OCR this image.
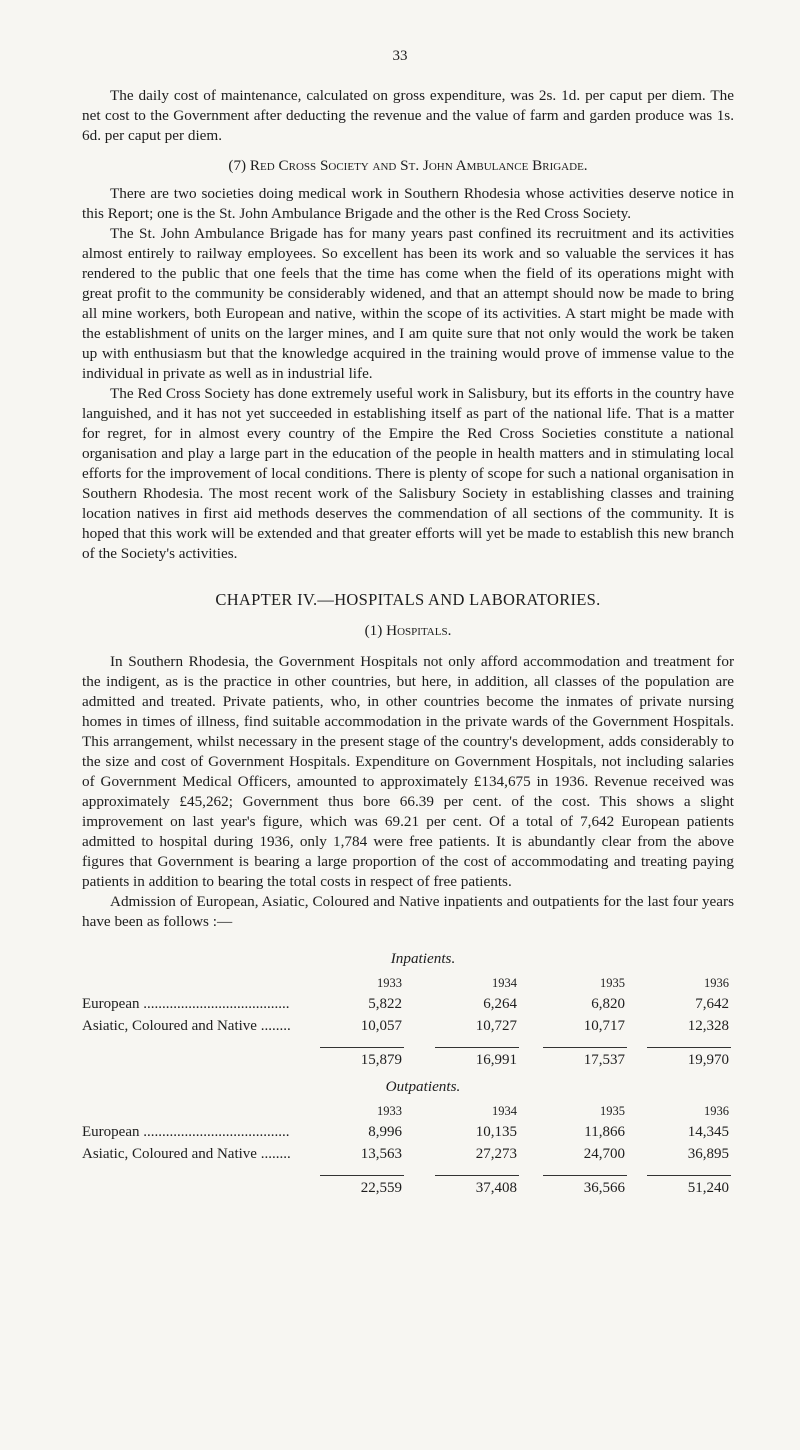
33

The daily cost of maintenance, calculated on gross expenditure, was 2s. 1d. per caput per diem. The net cost to the Government after deducting the revenue and the value of farm and garden produce was 1s. 6d. per caput per diem.

(7) Red Cross Society and St. John Ambulance Brigade.

There are two societies doing medical work in Southern Rhodesia whose activities deserve notice in this Report; one is the St. John Ambulance Brigade and the other is the Red Cross Society.

The St. John Ambulance Brigade has for many years past confined its recruitment and its activities almost entirely to railway employees. So excellent has been its work and so valuable the services it has rendered to the public that one feels that the time has come when the field of its operations might with great profit to the community be considerably widened, and that an attempt should now be made to bring all mine workers, both European and native, within the scope of its activities. A start might be made with the establishment of units on the larger mines, and I am quite sure that not only would the work be taken up with enthusiasm but that the knowledge acquired in the training would prove of immense value to the individual in private as well as in industrial life.

The Red Cross Society has done extremely useful work in Salisbury, but its efforts in the country have languished, and it has not yet succeeded in establishing itself as part of the national life. That is a matter for regret, for in almost every country of the Empire the Red Cross Societies constitute a national organisation and play a large part in the education of the people in health matters and in stimulating local efforts for the improvement of local conditions. There is plenty of scope for such a national organisation in Southern Rhodesia. The most recent work of the Salisbury Society in establishing classes and training location natives in first aid methods deserves the commendation of all sections of the community. It is hoped that this work will be extended and that greater efforts will yet be made to establish this new branch of the Society's activities.

CHAPTER IV.—HOSPITALS AND LABORATORIES.
(1) Hospitals.

In Southern Rhodesia, the Government Hospitals not only afford accommodation and treatment for the indigent, as is the practice in other countries, but here, in addition, all classes of the population are admitted and treated. Private patients, who, in other countries become the inmates of private nursing homes in times of illness, find suitable accommodation in the private wards of the Government Hospitals. This arrangement, whilst necessary in the present stage of the country's development, adds considerably to the size and cost of Government Hospitals. Expenditure on Government Hospitals, not including salaries of Government Medical Officers, amounted to approximately £134,675 in 1936. Revenue received was approximately £45,262; Government thus bore 66.39 per cent. of the cost. This shows a slight improvement on last year's figure, which was 69.21 per cent. Of a total of 7,642 European patients admitted to hospital during 1936, only 1,784 were free patients. It is abundantly clear from the above figures that Government is bearing a large proportion of the cost of accommodating and treating paying patients in addition to bearing the total costs in respect of free patients.

Admission of European, Asiatic, Coloured and Native inpatients and outpatients for the last four years have been as follows :—

Inpatients.
1933	1934	1935	1936
European .......................................	5,822	6,264	6,820	7,642
Asiatic, Coloured and Native ........	10,057	10,727	10,717	12,328
15,879	16,991	17,537	19,970
Outpatients.
1933	1934	1935	1936
European .......................................	8,996	10,135	11,866	14,345
Asiatic, Coloured and Native ........	13,563	27,273	24,700	36,895
22,559	37,408	36,566	51,240
